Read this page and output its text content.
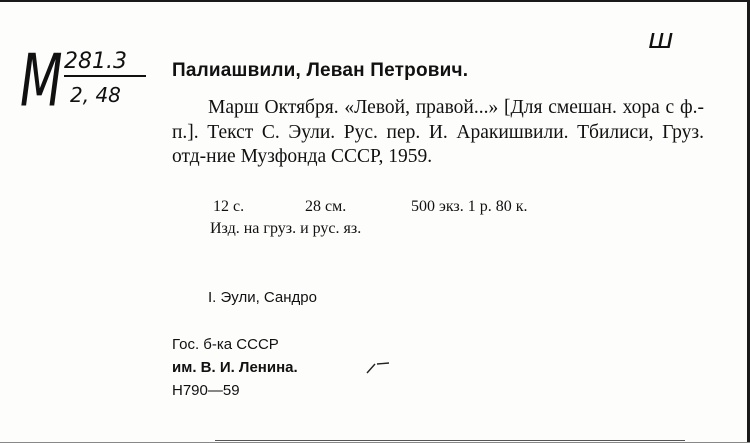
М 281.3
2, 48
ш
Палиашвили, Леван Петрович.
Марш Октября. «Левой, правой...» [Для смешан. хора с ф.-п.]. Текст С. Эули. Рус. пер. И. Аракишвили. Тбилиси, Груз. отд-ние Музфонда СССР, 1959.
12 с.	28 см.	500 экз. 1 р. 80 к.
Изд. на груз. и рус. яз.
I. Эули, Сандро
Гос. б-ка СССР
им. В. И. Ленина.
Н790—59
